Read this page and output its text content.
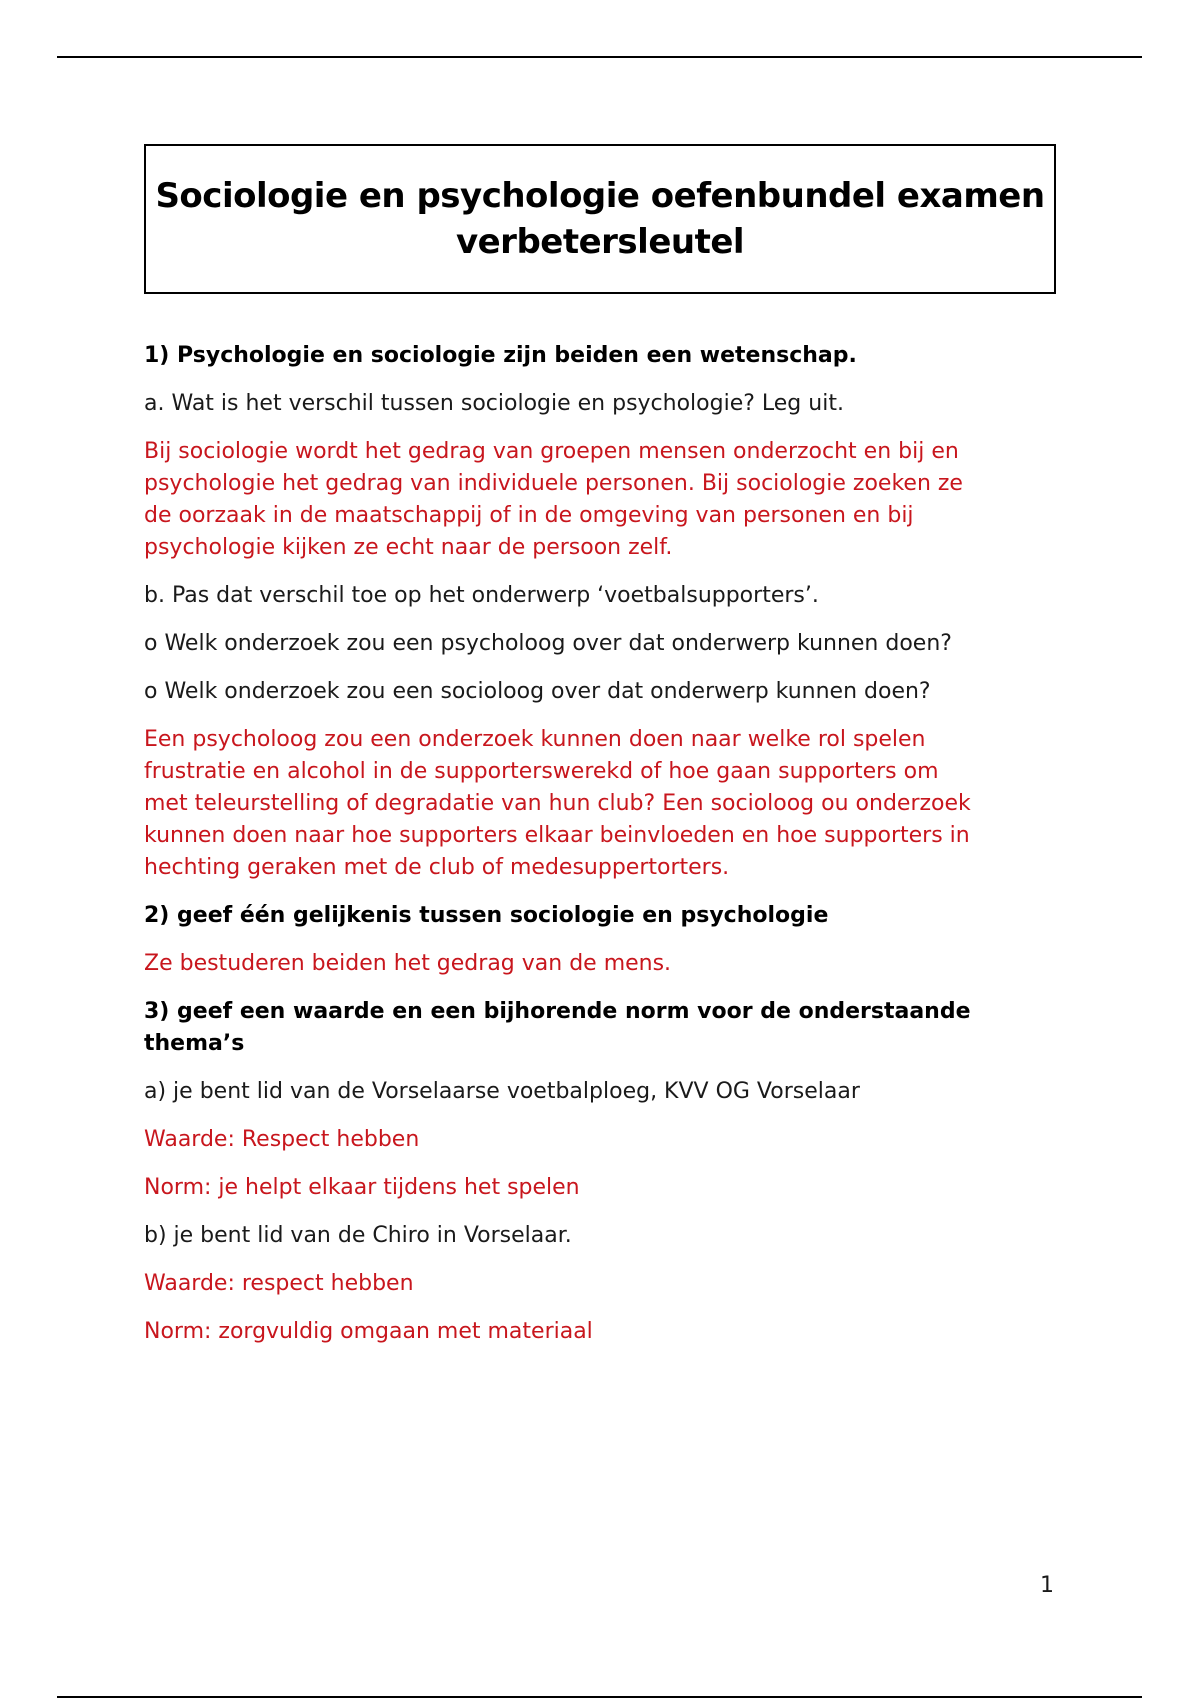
Sociologie en psychologie oefenbundel examen
verbetersleutel

1) Psychologie en sociologie zijn beiden een wetenschap.

a. Wat is het verschil tussen sociologie en psychologie? Leg uit.

Bij sociologie wordt het gedrag van groepen mensen onderzocht en bij en
psychologie het gedrag van individuele personen. Bij sociologie zoeken ze
de oorzaak in de maatschappij of in de omgeving van personen en bij
psychologie kijken ze echt naar de persoon zelf.

b. Pas dat verschil toe op het onderwerp ‘voetbalsupporters’.

o Welk onderzoek zou een psycholoog over dat onderwerp kunnen doen?

o Welk onderzoek zou een socioloog over dat onderwerp kunnen doen?

Een psycholoog zou een onderzoek kunnen doen naar welke rol spelen
frustratie en alcohol in de supporterswerekd of hoe gaan supporters om
met teleurstelling of degradatie van hun club? Een socioloog ou onderzoek
kunnen doen naar hoe supporters elkaar beinvloeden en hoe supporters in
hechting geraken met de club of medesuppertorters.

2) geef één gelijkenis tussen sociologie en psychologie

Ze bestuderen beiden het gedrag van de mens.

3) geef een waarde en een bijhorende norm voor de onderstaande
thema’s

a) je bent lid van de Vorselaarse voetbalploeg, KVV OG Vorselaar

Waarde: Respect hebben

Norm: je helpt elkaar tijdens het spelen

b) je bent lid van de Chiro in Vorselaar.

Waarde: respect hebben

Norm: zorgvuldig omgaan met materiaal

1
